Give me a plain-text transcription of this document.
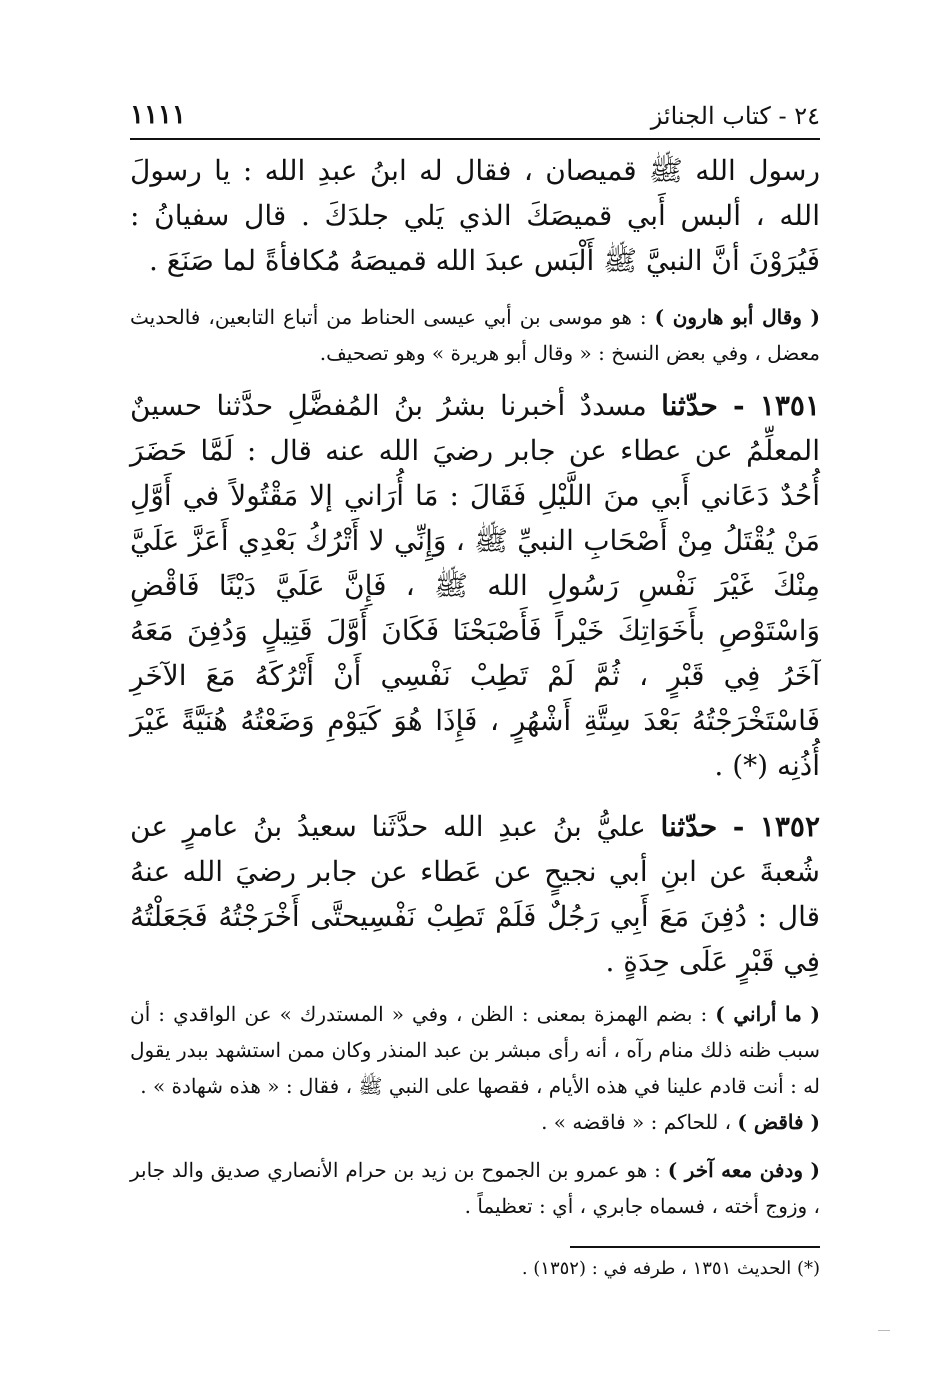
٢٤ - كتاب الجنائز
١١١١

رسول الله ﷺ قميصان ، فقال له ابنُ عبدِ الله : يا رسولَ الله ، ألبس أَبي قميصَكَ الذي يَلي جلدَكَ . قال سفيانُ : فَيُرَوْنَ أنَّ النبيَّ ﷺ أَلْبَس عبدَ الله قميصَهُ مُكافأةً لما صَنَعَ .

( وقال أبو هارون ) : هو موسى بن أبي عيسى الحناط من أتباع التابعين، فالحديث معضل ، وفي بعض النسخ : « وقال أبو هريرة » وهو تصحيف.

١٣٥١ - حدّثنا مسددٌ أخبرنا بشرُ بنُ المُفضَّلِ حدَّثنا حسينٌ المعلِّمُ عن عطاء عن جابر رضيَ الله عنه قال : لَمَّا حَضَرَ أُحُدٌ دَعَاني أَبي منَ اللَّيْلِ فَقَالَ : مَا أُرَاني إلا مَقْتُولاً في أَوَّلِ مَنْ يُقْتَلُ مِنْ أَصْحَابِ النبيِّ ﷺ ، وَإِنِّي لا أَتْرُكُ بَعْدِي أَعَزَّ عَلَيَّ مِنْكَ غَيْرَ نَفْسِ رَسُولِ الله ﷺ ، فَإِنَّ عَلَيَّ دَيْنًا فَاقْضِ وَاسْتَوْصِ بأَخَوَاتِكَ خَيْراً فَأَصْبَحْنَا فَكَانَ أَوَّلَ قَتِيلٍ وَدُفِنَ مَعَهُ آخَرُ فِي قَبْرٍ ، ثُمَّ لَمْ تَطِبْ نَفْسِي أَنْ أَتْرُكَهُ مَعَ الآخَرِ فَاسْتَخْرَجْتُهُ بَعْدَ سِتَّةِ أَشْهُرٍ ، فَإِذَا هُوَ كَيَوْمِ وَضَعْتُهُ هُنَيَّةً غَيْرَ أُذُنِه (*) .

١٣٥٢ - حدّثنا عليُّ بنُ عبدِ الله حدَّثَنا سعيدُ بنُ عامرٍ عن شُعبةَ عن ابنِ أبي نجيحٍ عن عَطاء عن جابر رضيَ الله عنهُ قال : دُفِنَ مَعَ أَبِي رَجُلٌ فَلَمْ تَطِبْ نَفْسِيحتَّى أَخْرَجْتُهُ فَجَعَلْتُهُ فِي قَبْرٍ عَلَى حِدَةٍ .

( ما أراني ) : بضم الهمزة بمعنى : الظن ، وفي « المستدرك » عن الواقدي : أن سبب ظنه ذلك منام رآه ، أنه رأى مبشر بن عبد المنذر وكان ممن استشهد ببدر يقول له : أنت قادم علينا في هذه الأيام ، فقصها على النبي ﷺ ، فقال : « هذه شهادة » .

( فاقض ) ، للحاكم : « فاقضه » .

( ودفن معه آخر ) : هو عمرو بن الجموح بن زيد بن حرام الأنصاري صديق والد جابر ، وزوج أخته ، فسماه جابري ، أي : تعظيماً .

(*) الحديث ١٣٥١ ، طرفه في : (١٣٥٢) .
